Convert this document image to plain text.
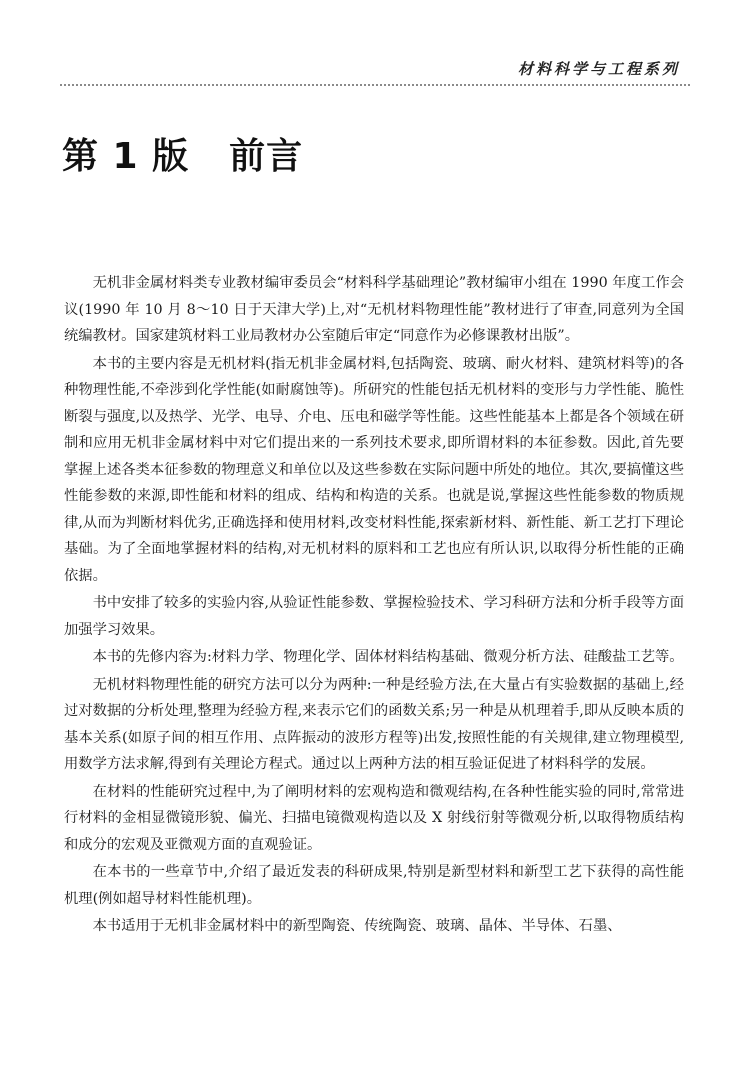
材料科学与工程系列
第 1 版 前言

无机非金属材料类专业教材编审委员会“材料科学基础理论”教材编审小组在 1990 年度工作会议(1990 年 10 月 8～10 日于天津大学)上,对“无机材料物理性能”教材进行了审查,同意列为全国统编教材。国家建筑材料工业局教材办公室随后审定“同意作为必修课教材出版”。

本书的主要内容是无机材料(指无机非金属材料,包括陶瓷、玻璃、耐火材料、建筑材料等)的各种物理性能,不牵涉到化学性能(如耐腐蚀等)。所研究的性能包括无机材料的变形与力学性能、脆性断裂与强度,以及热学、光学、电导、介电、压电和磁学等性能。这些性能基本上都是各个领域在研制和应用无机非金属材料中对它们提出来的一系列技术要求,即所谓材料的本征参数。因此,首先要掌握上述各类本征参数的物理意义和单位以及这些参数在实际问题中所处的地位。其次,要搞懂这些性能参数的来源,即性能和材料的组成、结构和构造的关系。也就是说,掌握这些性能参数的物质规律,从而为判断材料优劣,正确选择和使用材料,改变材料性能,探索新材料、新性能、新工艺打下理论基础。为了全面地掌握材料的结构,对无机材料的原料和工艺也应有所认识,以取得分析性能的正确依据。

书中安排了较多的实验内容,从验证性能参数、掌握检验技术、学习科研方法和分析手段等方面加强学习效果。

本书的先修内容为:材料力学、物理化学、固体材料结构基础、微观分析方法、硅酸盐工艺等。

无机材料物理性能的研究方法可以分为两种:一种是经验方法,在大量占有实验数据的基础上,经过对数据的分析处理,整理为经验方程,来表示它们的函数关系;另一种是从机理着手,即从反映本质的基本关系(如原子间的相互作用、点阵振动的波形方程等)出发,按照性能的有关规律,建立物理模型,用数学方法求解,得到有关理论方程式。通过以上两种方法的相互验证促进了材料科学的发展。

在材料的性能研究过程中,为了阐明材料的宏观构造和微观结构,在各种性能实验的同时,常常进行材料的金相显微镜形貌、偏光、扫描电镜微观构造以及 X 射线衍射等微观分析,以取得物质结构和成分的宏观及亚微观方面的直观验证。

在本书的一些章节中,介绍了最近发表的科研成果,特别是新型材料和新型工艺下获得的高性能机理(例如超导材料性能机理)。

本书适用于无机非金属材料中的新型陶瓷、传统陶瓷、玻璃、晶体、半导体、石墨、
